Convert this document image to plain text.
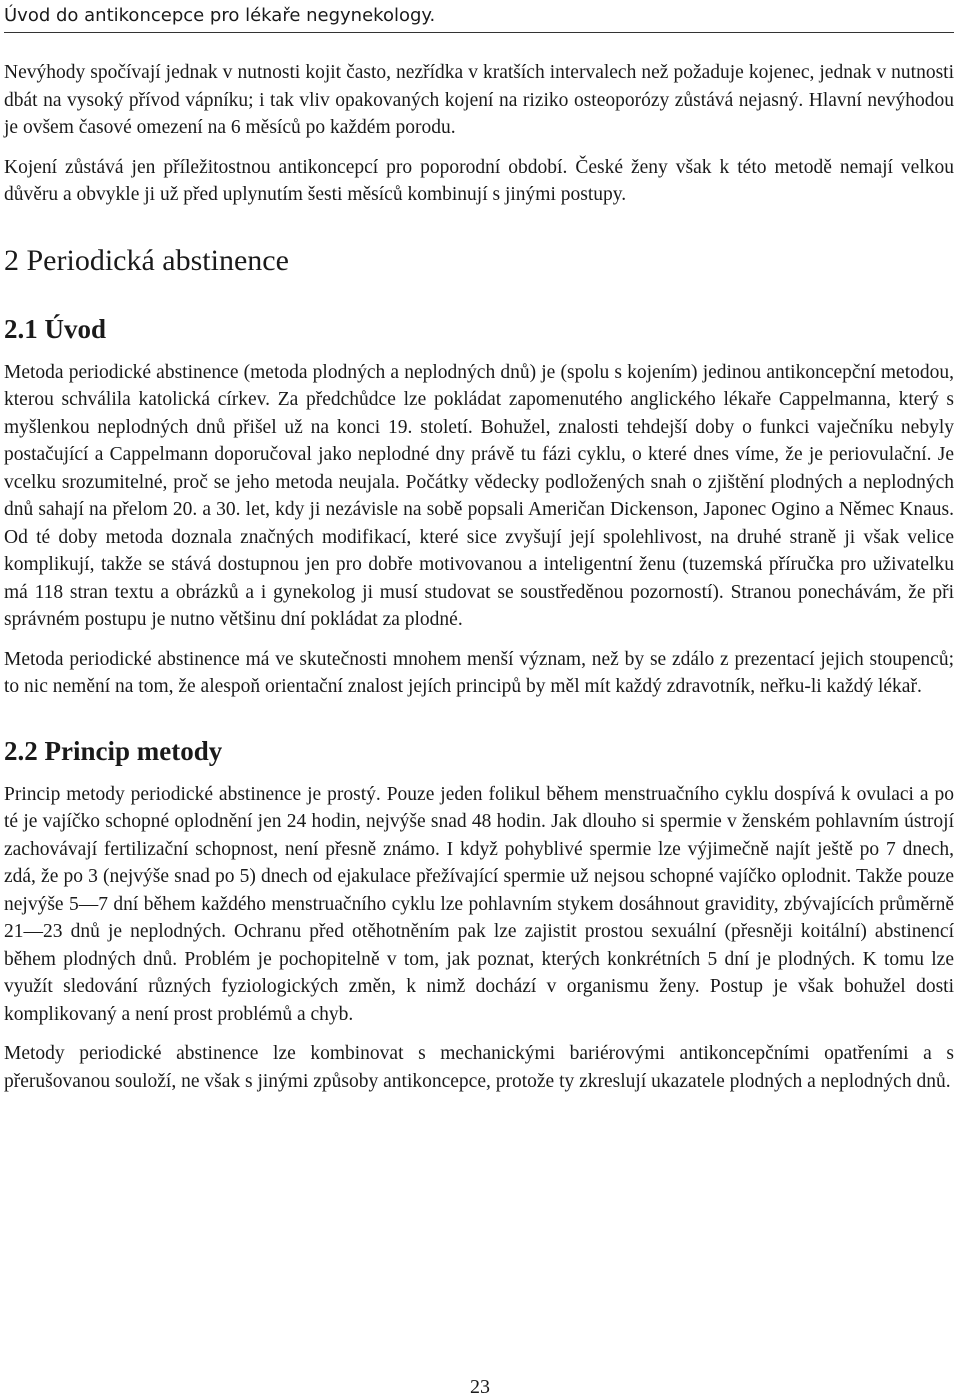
Úvod do antikoncepce pro lékaře negynekology.

Nevýhody spočívají jednak v nutnosti kojit často, nezřídka v kratších intervalech než požaduje kojenec, jednak v nutnosti dbát na vysoký přívod vápníku; i tak vliv opakovaných kojení na riziko osteoporózy zůstává nejasný. Hlavní nevýhodou je ovšem časové omezení na 6 měsíců po každém porodu.

Kojení zůstává jen příležitostnou antikoncepcí pro poporodní období. České ženy však k této metodě nemají velkou důvěru a obvykle ji už před uplynutím šesti měsíců kombinují s jinými postupy.

2 Periodická abstinence
2.1 Úvod

Metoda periodické abstinence (metoda plodných a neplodných dnů) je (spolu s kojením) jedinou antikoncepční metodou, kterou schválila katolická církev. Za předchůdce lze pokládat zapomenutého anglického lékaře Cappelmanna, který s myšlenkou neplodných dnů přišel už na konci 19. století. Bohužel, znalosti tehdejší doby o funkci vaječníku nebyly postačující a Cappelmann doporučoval jako neplodné dny právě tu fázi cyklu, o které dnes víme, že je periovulační. Je vcelku srozumitelné, proč se jeho metoda neujala. Počátky vědecky podložených snah o zjištění plodných a neplodných dnů sahají na přelom 20. a 30. let, kdy ji nezávisle na sobě popsali Američan Dickenson, Japonec Ogino a Němec Knaus. Od té doby metoda doznala značných modifikací, které sice zvyšují její spolehlivost, na druhé straně ji však velice komplikují, takže se stává dostupnou jen pro dobře motivovanou a inteligentní ženu (tuzemská příručka pro uživatelku má 118 stran textu a obrázků a i gynekolog ji musí studovat se soustředěnou pozorností). Stranou ponechávám, že při správném postupu je nutno většinu dní pokládat za plodné.

Metoda periodické abstinence má ve skutečnosti mnohem menší význam, než by se zdálo z prezentací jejich stoupenců; to nic nemění na tom, že alespoň orientační znalost jejích principů by měl mít každý zdravotník, neřku-li každý lékař.

2.2 Princip metody

Princip metody periodické abstinence je prostý. Pouze jeden folikul během menstruačního cyklu dospívá k ovulaci a po té je vajíčko schopné oplodnění jen 24 hodin, nejvýše snad 48 hodin. Jak dlouho si spermie v ženském pohlavním ústrojí zachovávají fertilizační schopnost, není přesně známo. I když pohyblivé spermie lze výjimečně najít ještě po 7 dnech, zdá, že po 3 (nejvýše snad po 5) dnech od ejakulace přežívající spermie už nejsou schopné vajíčko oplodnit. Takže pouze nejvýše 5—7 dní během každého menstruačního cyklu lze pohlavním stykem dosáhnout gravidity, zbývajících průměrně 21—23 dnů je neplodných. Ochranu před otěhotněním pak lze zajistit prostou sexuální (přesněji koitální) abstinencí během plodných dnů. Problém je pochopitelně v tom, jak poznat, kterých konkrétních 5 dní je plodných. K tomu lze využít sledování různých fyziologických změn, k nimž dochází v organismu ženy. Postup je však bohužel dosti komplikovaný a není prost problémů a chyb.

Metody periodické abstinence lze kombinovat s mechanickými bariérovými antikoncepčními opatřeními a s přerušovanou souloží, ne však s jinými způsoby antikoncepce, protože ty zkreslují ukazatele plodných a neplodných dnů.

23
